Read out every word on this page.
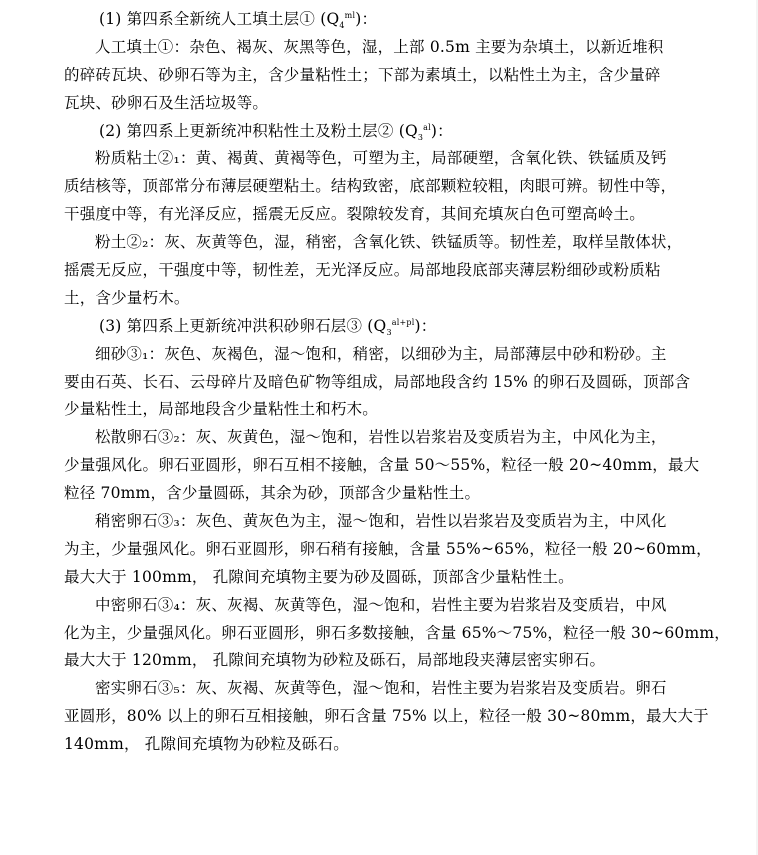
(1) 第四系全新统人工填土层① $(Q_4^{ml})$：
人工填土①：杂色、褐灰、灰黑等色，湿，上部 0.5m 主要为杂填土，以新近堆积
的碎砖瓦块、砂卵石等为主，含少量粘性土；下部为素填土，以粘性土为主，含少量碎
瓦块、砂卵石及生活垃圾等。
(2) 第四系上更新统冲积粘性土及粉土层② $(Q_3^{al})$：
粉质粘土②₁：黄、褐黄、黄褐等色，可塑为主，局部硬塑，含氧化铁、铁锰质及钙
质结核等，顶部常分布薄层硬塑粘土。结构致密，底部颗粒较粗，肉眼可辨。韧性中等，
干强度中等，有光泽反应，摇震无反应。裂隙较发育，其间充填灰白色可塑高岭土。
粉土②₂：灰、灰黄等色，湿，稍密，含氧化铁、铁锰质等。韧性差，取样呈散体状，
摇震无反应，干强度中等，韧性差，无光泽反应。局部地段底部夹薄层粉细砂或粉质粘
土，含少量朽木。
(3) 第四系上更新统冲洪积砂卵石层③ $(Q_3^{al+pl})$：
细砂③₁：灰色、灰褐色，湿～饱和，稍密，以细砂为主，局部薄层中砂和粉砂。主
要由石英、长石、云母碎片及暗色矿物等组成，局部地段含约 15% 的卵石及圆砾，顶部含
少量粘性土，局部地段含少量粘性土和朽木。
松散卵石③₂：灰、灰黄色，湿～饱和，岩性以岩浆岩及变质岩为主，中风化为主，
少量强风化。卵石亚圆形，卵石互相不接触，含量 50～55%，粒径一般 20~40mm，最大
粒径 70mm，含少量圆砾，其余为砂，顶部含少量粘性土。
稍密卵石③₃：灰色、黄灰色为主，湿～饱和，岩性以岩浆岩及变质岩为主，中风化
为主，少量强风化。卵石亚圆形，卵石稍有接触，含量 55%~65%，粒径一般 20~60mm，
最大大于 100mm， 孔隙间充填物主要为砂及圆砾，顶部含少量粘性土。
中密卵石③₄：灰、灰褐、灰黄等色，湿～饱和，岩性主要为岩浆岩及变质岩，中风
化为主，少量强风化。卵石亚圆形，卵石多数接触，含量 65%～75%，粒径一般 30~60mm，
最大大于 120mm， 孔隙间充填物为砂粒及砾石，局部地段夹薄层密实卵石。
密实卵石③₅：灰、灰褐、灰黄等色，湿～饱和，岩性主要为岩浆岩及变质岩。卵石
亚圆形，80% 以上的卵石互相接触，卵石含量 75% 以上，粒径一般 30~80mm，最大大于
140mm， 孔隙间充填物为砂粒及砾石。
